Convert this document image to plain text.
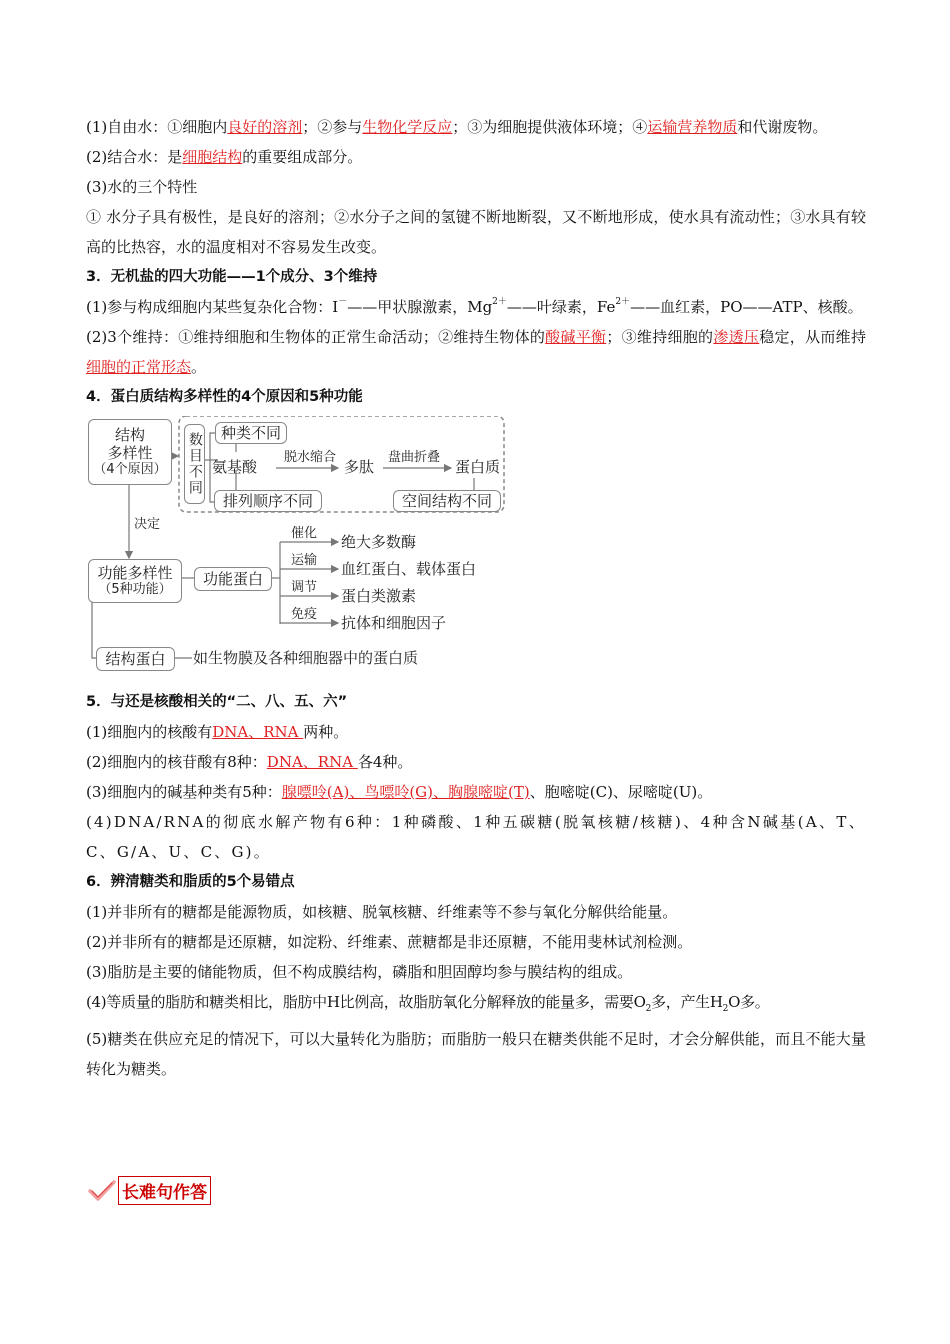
(1)自由水：①细胞内良好的溶剂；②参与生物化学反应；③为细胞提供液体环境；④运输营养物质和代谢废物。

(2)结合水：是细胞结构的重要组成部分。

(3)水的三个特性

① 水分子具有极性，是良好的溶剂；②水分子之间的氢键不断地断裂，又不断地形成，使水具有流动性；③水具有较高的比热容，水的温度相对不容易发生改变。

3．无机盐的四大功能——1个成分、3个维持

(1)参与构成细胞内某些复杂化合物：I－——甲状腺激素，$Mg^{2+}——$叶绿素，$Fe^{2+}——$血红素，PO——ATP、核酸。

(2)3个维持：①维持细胞和生物体的正常生命活动；②维持生物体的酸碱平衡；③维持细胞的渗透压稳定，从而维持细胞的正常形态。

4．蛋白质结构多样性的4个原因和5种功能

结构
多样性
（4个原因） 数目不同	种类不同
氨基酸
脱水缩合
多肽
盘曲折叠
蛋白质
排列顺序不同	空间结构不同
决定
功能多样性
（5种功能）
功能蛋白
催化 绝大多数酶
运输 血红蛋白、载体蛋白
调节 蛋白类激素
免疫 抗体和细胞因子
结构蛋白	如生物膜及各种细胞器中的蛋白质

5．与还是核酸相关的“二、八、五、六”

(1)细胞内的核酸有DNA、RNA 两种。

(2)细胞内的核苷酸有8种：DNA、RNA 各4种。

(3)细胞内的碱基种类有5种：腺嘌呤(A)、鸟嘌呤(G)、胸腺嘧啶(T)、胞嘧啶(C)、尿嘧啶(U)。

(4)DNA/RNA的彻底水解产物有6种：1种磷酸、1种五碳糖(脱氧核糖/核糖)、4种含N碱基(A、T、C、G/A、U、C、G)。

6．辨清糖类和脂质的5个易错点

(1)并非所有的糖都是能源物质，如核糖、脱氧核糖、纤维素等不参与氧化分解供给能量。

(2)并非所有的糖都是还原糖，如淀粉、纤维素、蔗糖都是非还原糖，不能用斐林试剂检测。

(3)脂肪是主要的储能物质，但不构成膜结构，磷脂和胆固醇均参与膜结构的组成。

(4)等质量的脂肪和糖类相比，脂肪中H比例高，故脂肪氧化分解释放的能量多，需要$O_2$多，产生$H_2O$多。

(5)糖类在供应充足的情况下，可以大量转化为脂肪；而脂肪一般只在糖类供能不足时，才会分解供能，而且不能大量转化为糖类。

长难句作答
